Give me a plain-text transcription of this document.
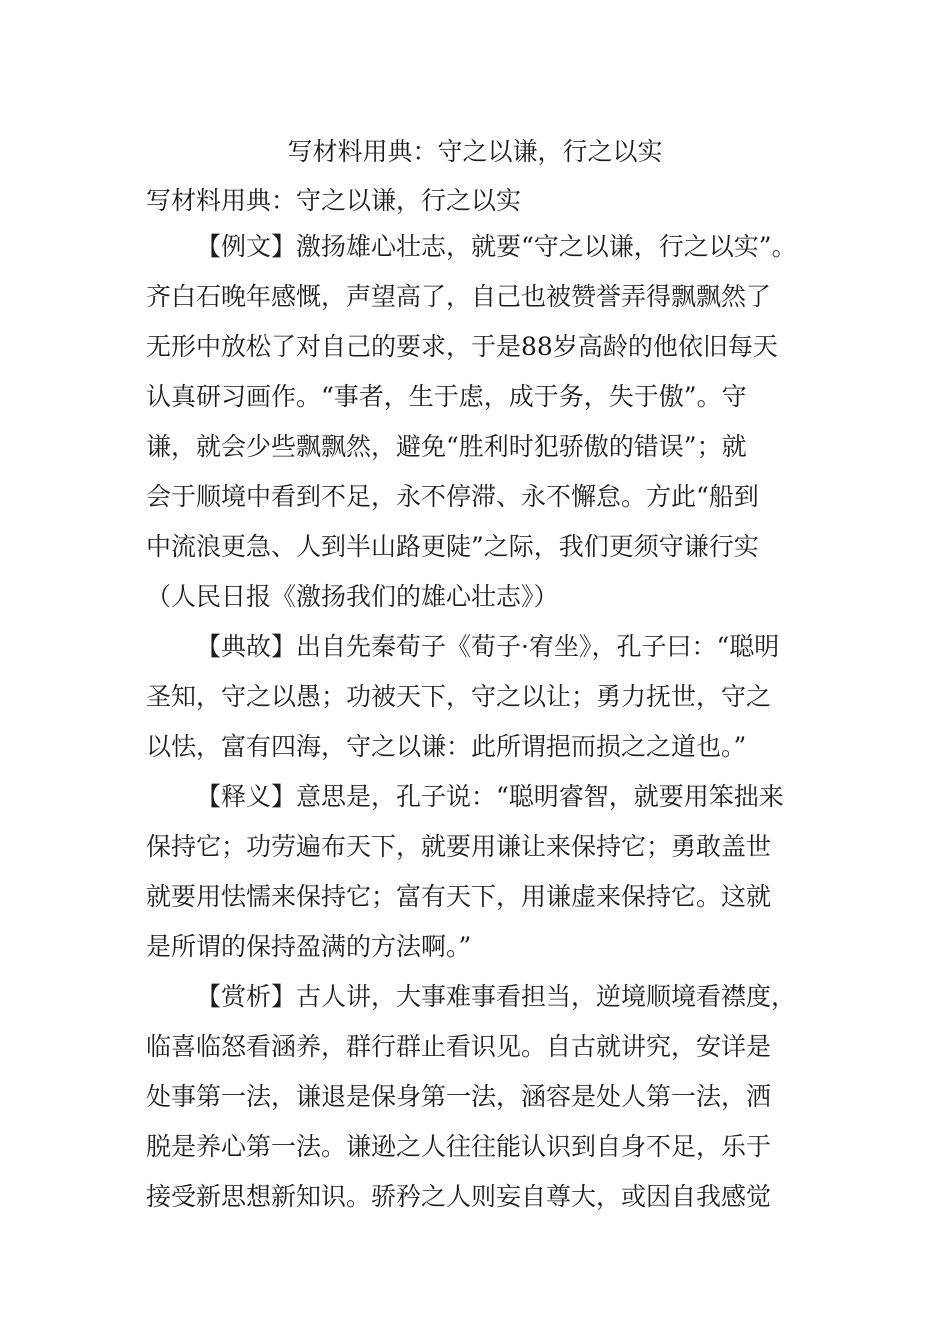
写材料用典：守之以谦，行之以实

写材料用典：守之以谦，行之以实

【例文】激扬雄心壮志，就要“守之以谦，行之以实”。

齐白石晚年感慨，声望高了，自己也被赞誉弄得飘飘然了
无形中放松了对自己的要求，于是88岁高龄的他依旧每天
认真研习画作。“事者，生于虑，成于务，失于傲”。守
谦，就会少些飘飘然，避免“胜利时犯骄傲的错误”；就
会于顺境中看到不足，永不停滞、永不懈怠。方此“船到
中流浪更急、人到半山路更陡”之际，我们更须守谦行实
（人民日报《激扬我们的雄心壮志》）

【典故】出自先秦荀子《荀子·宥坐》，孔子曰：“聪明

圣知，守之以愚；功被天下，守之以让；勇力抚世，守之
以怯，富有四海，守之以谦：此所谓挹而损之之道也。”

【释义】意思是，孔子说：“聪明睿智，就要用笨拙来

保持它；功劳遍布天下，就要用谦让来保持它；勇敢盖世
就要用怯懦来保持它；富有天下，用谦虚来保持它。这就
是所谓的保持盈满的方法啊。”

【赏析】古人讲，大事难事看担当，逆境顺境看襟度，

临喜临怒看涵养，群行群止看识见。自古就讲究，安详是
处事第一法，谦退是保身第一法，涵容是处人第一法，洒
脱是养心第一法。谦逊之人往往能认识到自身不足，乐于
接受新思想新知识。骄矜之人则妄自尊大，或因自我感觉
